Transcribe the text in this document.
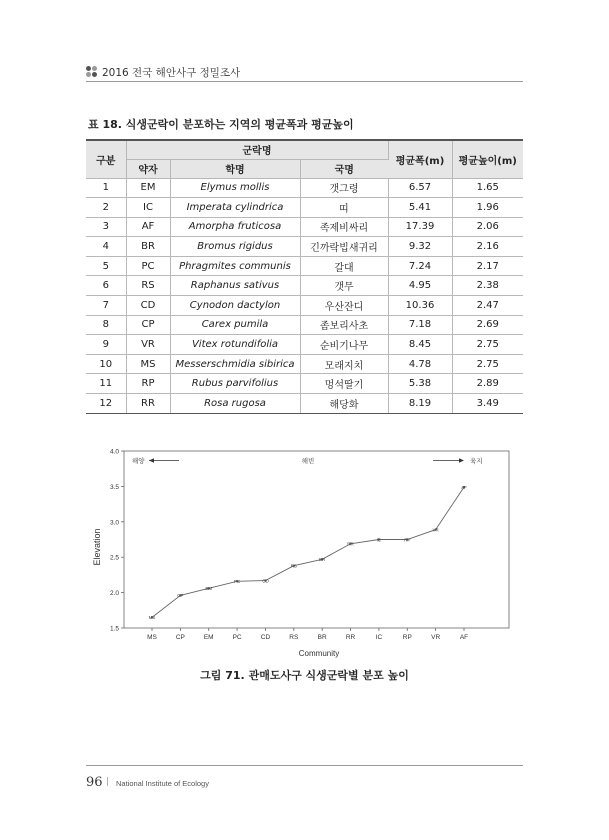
2016 전국 해안사구 정밀조사
표 18. 식생군락이 분포하는 지역의 평균폭과 평균높이
구분	군락명			평균폭(m)	평균높이(m)
	약자	학명	국명		
1	EM	Elymus mollis	갯그령	6.57	1.65
2	IC	Imperata cylindrica	띠	5.41	1.96
3	AF	Amorpha fruticosa	족제비싸리	17.39	2.06
4	BR	Bromus rigidus	긴까락빕새귀리	9.32	2.16
5	PC	Phragmites communis	갈대	7.24	2.17
6	RS	Raphanus sativus	갯무	4.95	2.38
7	CD	Cynodon dactylon	우산잔디	10.36	2.47
8	CP	Carex pumila	좀보리사초	7.18	2.69
9	VR	Vitex rotundifolia	순비기나무	8.45	2.75
10	MS	Messerschmidia sibirica	모래지치	4.78	2.75
11	RP	Rubus parvifolius	멍석딸기	5.38	2.89
12	RR	Rosa rugosa	해당화	8.19	3.49
해양	해빈	육지
MS
CP
EM
PC	CD
RS
BR
RR
IC	RP
VR
AF
1.5
2.0
2.5
3.0
3.5
4.0
MS	CP	EM	PC	CD	RS	BR	RR	IC	RP	VR	AF
Elevation
Community
그림 71. 관매도사구 식생군락별 분포 높이
96 | National Institute of Ecology
